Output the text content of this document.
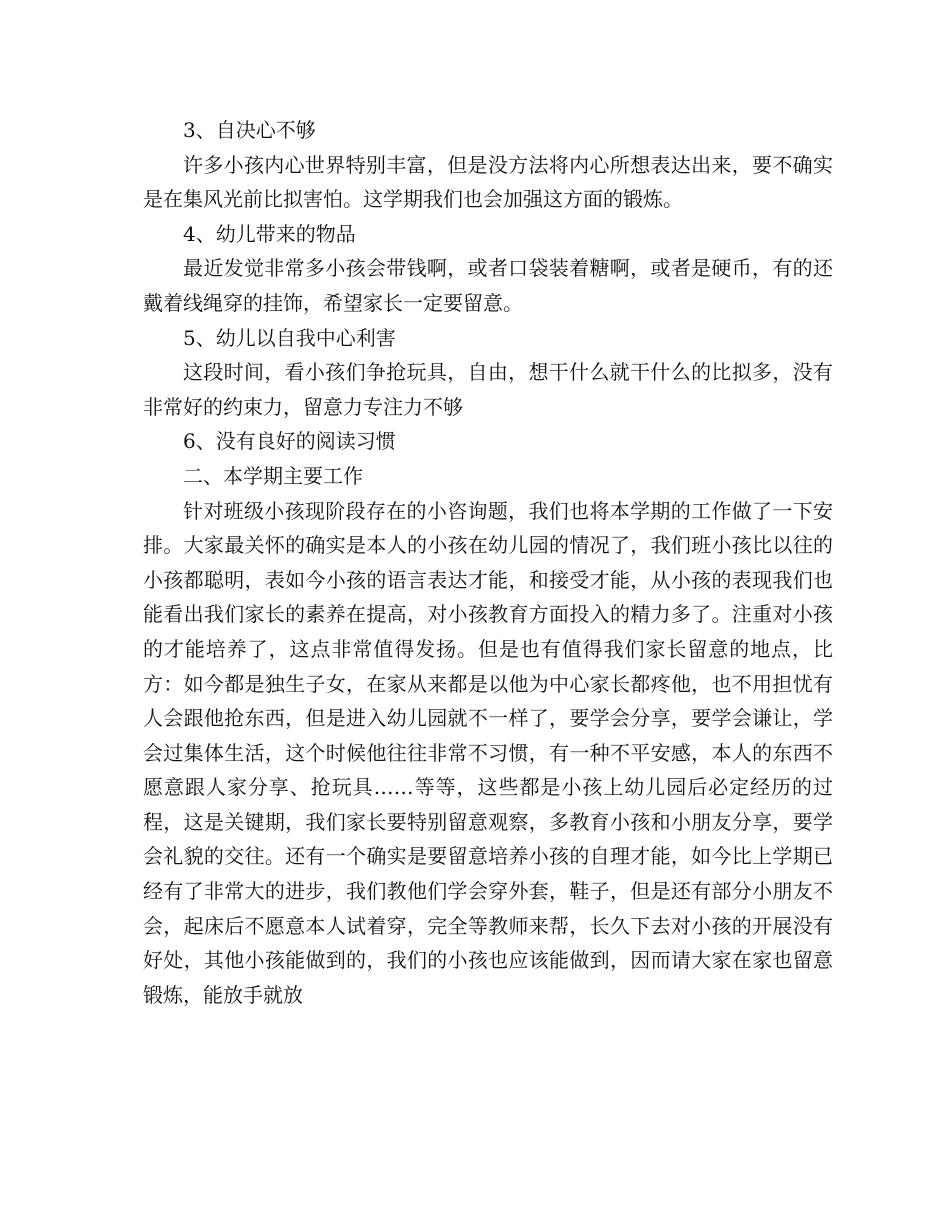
3、自决心不够

许多小孩内心世界特别丰富，但是没方法将内心所想表达出来，要不确实是在集风光前比拟害怕。这学期我们也会加强这方面的锻炼。

4、幼儿带来的物品

最近发觉非常多小孩会带钱啊，或者口袋装着糖啊，或者是硬币，有的还戴着线绳穿的挂饰，希望家长一定要留意。

5、幼儿以自我中心利害

这段时间，看小孩们争抢玩具，自由，想干什么就干什么的比拟多，没有非常好的约束力，留意力专注力不够

6、没有良好的阅读习惯

二、本学期主要工作

针对班级小孩现阶段存在的小咨询题，我们也将本学期的工作做了一下安排。大家最关怀的确实是本人的小孩在幼儿园的情况了，我们班小孩比以往的小孩都聪明，表如今小孩的语言表达才能，和接受才能，从小孩的表现我们也能看出我们家长的素养在提高，对小孩教育方面投入的精力多了。注重对小孩的才能培养了，这点非常值得发扬。但是也有值得我们家长留意的地点，比方：如今都是独生子女，在家从来都是以他为中心家长都疼他，也不用担忧有人会跟他抢东西，但是进入幼儿园就不一样了，要学会分享，要学会谦让，学会过集体生活，这个时候他往往非常不习惯，有一种不平安感，本人的东西不愿意跟人家分享、抢玩具……等等，这些都是小孩上幼儿园后必定经历的过程，这是关键期，我们家长要特别留意观察，多教育小孩和小朋友分享，要学会礼貌的交往。还有一个确实是要留意培养小孩的自理才能，如今比上学期已经有了非常大的进步，我们教他们学会穿外套，鞋子，但是还有部分小朋友不会，起床后不愿意本人试着穿，完全等教师来帮，长久下去对小孩的开展没有好处，其他小孩能做到的，我们的小孩也应该能做到，因而请大家在家也留意锻炼，能放手就放
